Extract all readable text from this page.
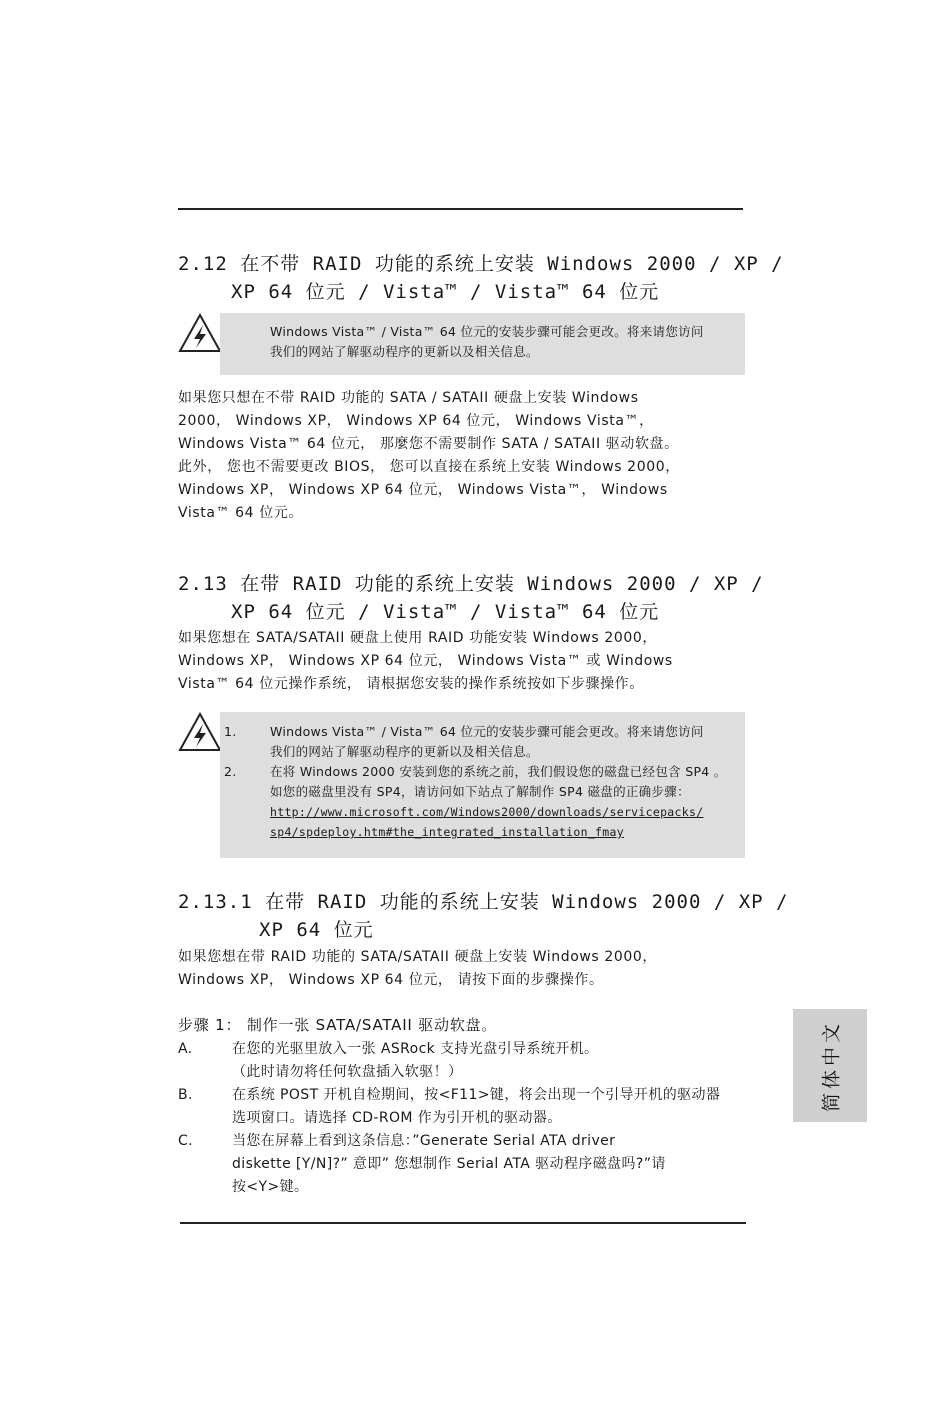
2.12 在不带 RAID 功能的系统上安装 Windows 2000 / XP /
XP 64 位元 / Vista™ / Vista™ 64 位元
Windows Vista™ / Vista™ 64 位元的安装步骤可能会更改。将来请您访问
我们的网站了解驱动程序的更新以及相关信息。
如果您只想在不带 RAID 功能的 SATA / SATAII 硬盘上安装 Windows
2000， Windows XP， Windows XP 64 位元， Windows Vista™，
Windows Vista™ 64 位元， 那麼您不需要制作 SATA / SATAII 驱动软盘。
此外， 您也不需要更改 BIOS， 您可以直接在系统上安装 Windows 2000，
Windows XP， Windows XP 64 位元， Windows Vista™， Windows
Vista™ 64 位元。
2.13 在带 RAID 功能的系统上安装 Windows 2000 / XP /
XP 64 位元 / Vista™ / Vista™ 64 位元
如果您想在 SATA/SATAII 硬盘上使用 RAID 功能安装 Windows 2000，
Windows XP， Windows XP 64 位元， Windows Vista™ 或 Windows
Vista™ 64 位元操作系统， 请根据您安装的操作系统按如下步骤操作。
1.	Windows Vista™ / Vista™ 64 位元的安装步骤可能会更改。将来请您访问
我们的网站了解驱动程序的更新以及相关信息。
2.	在将 Windows 2000 安装到您的系统之前，我们假设您的磁盘已经包含 SP4 。
如您的磁盘里没有 SP4，请访问如下站点了解制作 SP4 磁盘的正确步骤：
http://www.microsoft.com/Windows2000/downloads/servicepacks/
sp4/spdeploy.htm#the_integrated_installation_fmay
2.13.1 在带 RAID 功能的系统上安装 Windows 2000 / XP /
XP 64 位元
如果您想在带 RAID 功能的 SATA/SATAII 硬盘上安装 Windows 2000，
Windows XP， Windows XP 64 位元， 请按下面的步骤操作。
步骤 1： 制作一张 SATA/SATAII 驱动软盘。
A.	在您的光驱里放入一张 ASRock 支持光盘引导系统开机。
（此时请勿将任何软盘插入软驱！）
B.	在系统 POST 开机自检期间，按<F11>键，将会出现一个引导开机的驱动器
选项窗口。请选择 CD-ROM 作为引开机的驱动器。
C.	当您在屏幕上看到这条信息：”Generate Serial ATA driver
diskette [Y/N]?” 意即” 您想制作 Serial ATA 驱动程序磁盘吗?”请
按<Y>键。
简体中文
